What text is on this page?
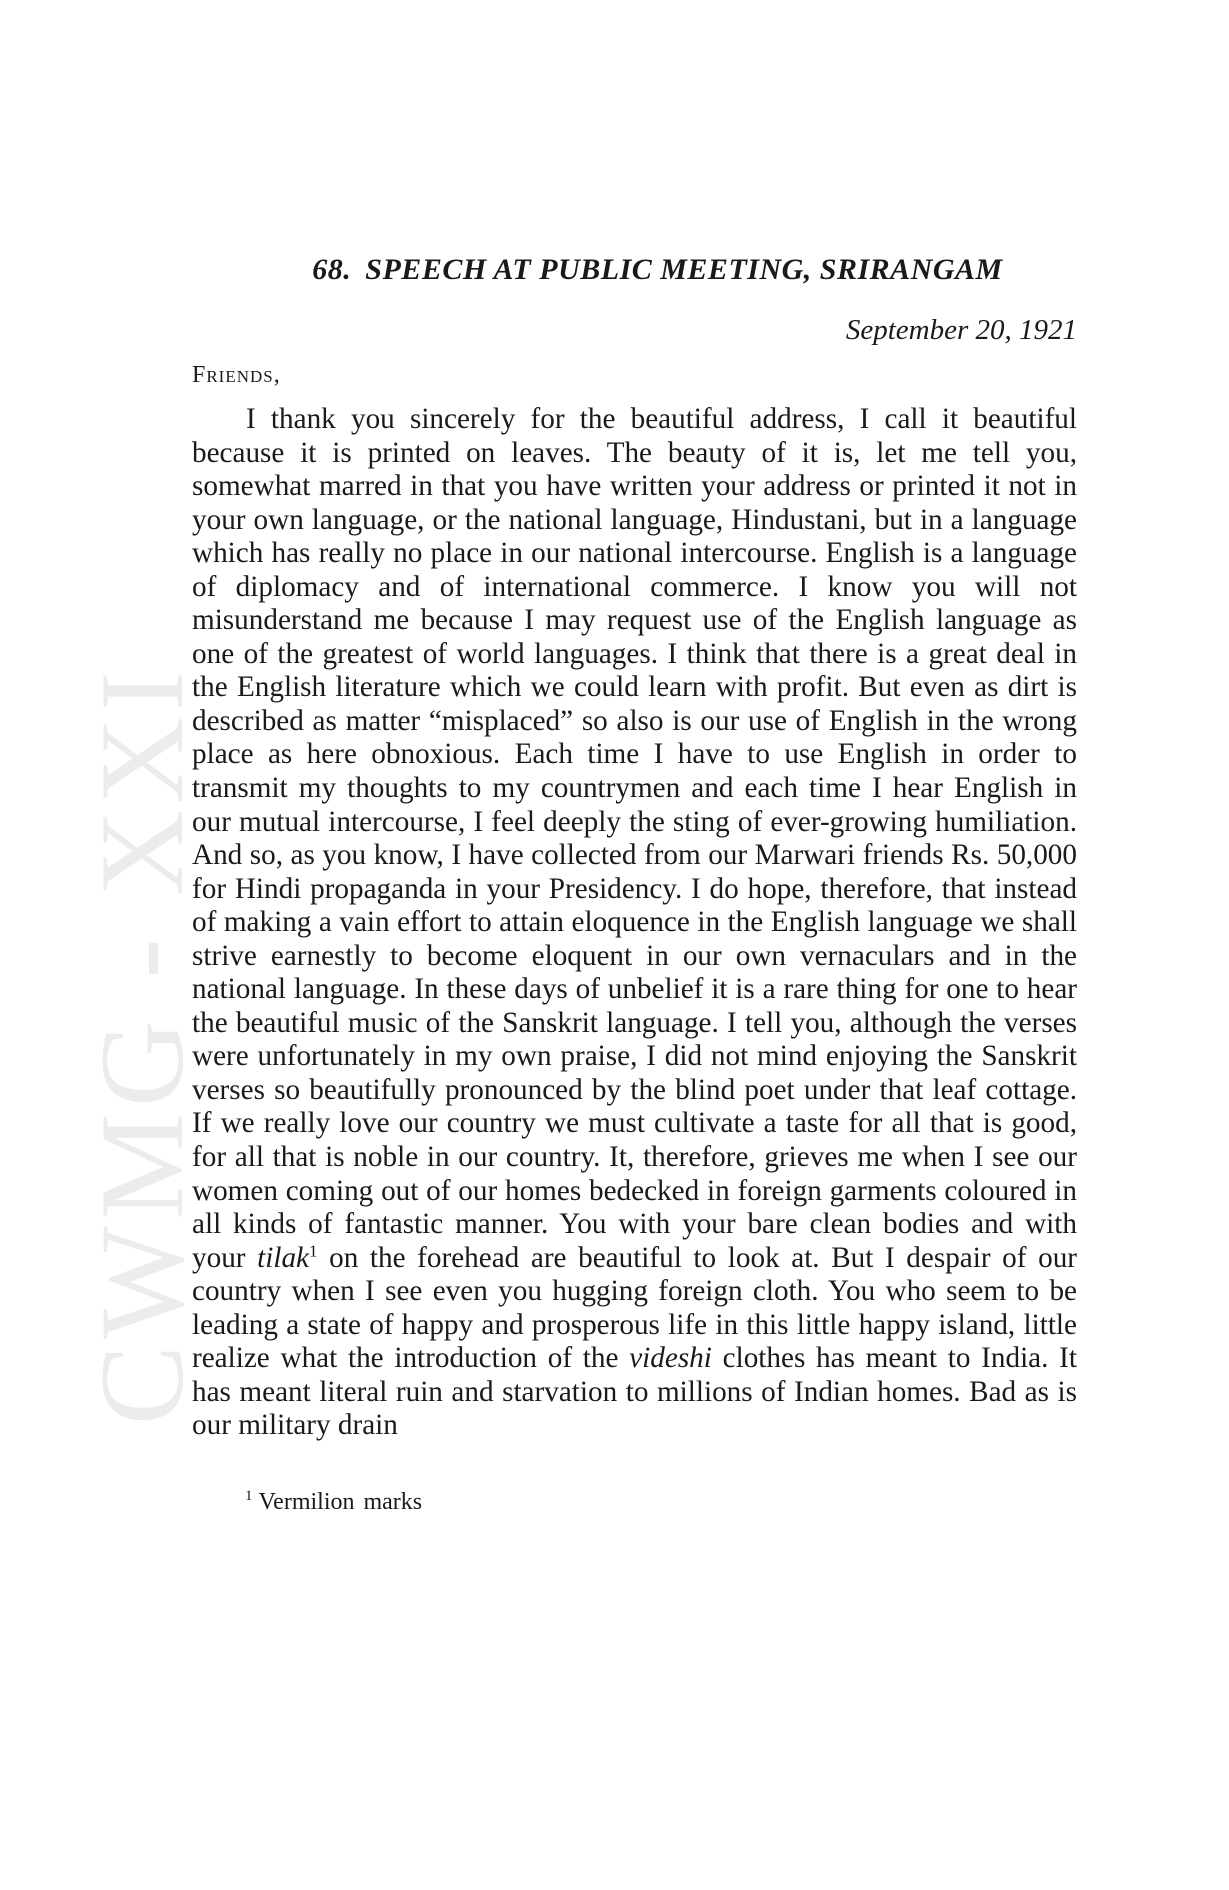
CWMG - XXI
68. SPEECH AT PUBLIC MEETING, SRIRANGAM
September 20, 1921
Friends,

I thank you sincerely for the beautiful address, I call it beautiful because it is printed on leaves. The beauty of it is, let me tell you, somewhat marred in that you have written your address or printed it not in your own language, or the national language, Hindustani, but in a language which has really no place in our national intercourse. English is a language of diplomacy and of international commerce. I know you will not misunderstand me because I may request use of the English language as one of the greatest of world languages. I think that there is a great deal in the English literature which we could learn with profit. But even as dirt is described as matter “misplaced” so also is our use of English in the wrong place as here obnoxious. Each time I have to use English in order to transmit my thoughts to my countrymen and each time I hear English in our mutual intercourse, I feel deeply the sting of ever-growing humiliation. And so, as you know, I have collected from our Marwari friends Rs. 50,000 for Hindi propaganda in your Presidency. I do hope, therefore, that instead of making a vain effort to attain eloquence in the English language we shall strive earnestly to become eloquent in our own vernaculars and in the national language. In these days of unbelief it is a rare thing for one to hear the beautiful music of the Sanskrit language. I tell you, although the verses were unfortunately in my own praise, I did not mind enjoying the Sanskrit verses so beautifully pronounced by the blind poet under that leaf cottage. If we really love our country we must cultivate a taste for all that is good, for all that is noble in our country. It, therefore, grieves me when I see our women coming out of our homes bedecked in foreign garments coloured in all kinds of fantastic manner. You with your bare clean bodies and with your tilak$^1$ on the forehead are beautiful to look at. But I despair of our country when I see even you hugging foreign cloth. You who seem to be leading a state of happy and prosperous life in this little happy island, little realize what the introduction of the videshi clothes has meant to India. It has meant literal ruin and starvation to millions of Indian homes. Bad as is our military drain

$^1$ Vermilion marks
